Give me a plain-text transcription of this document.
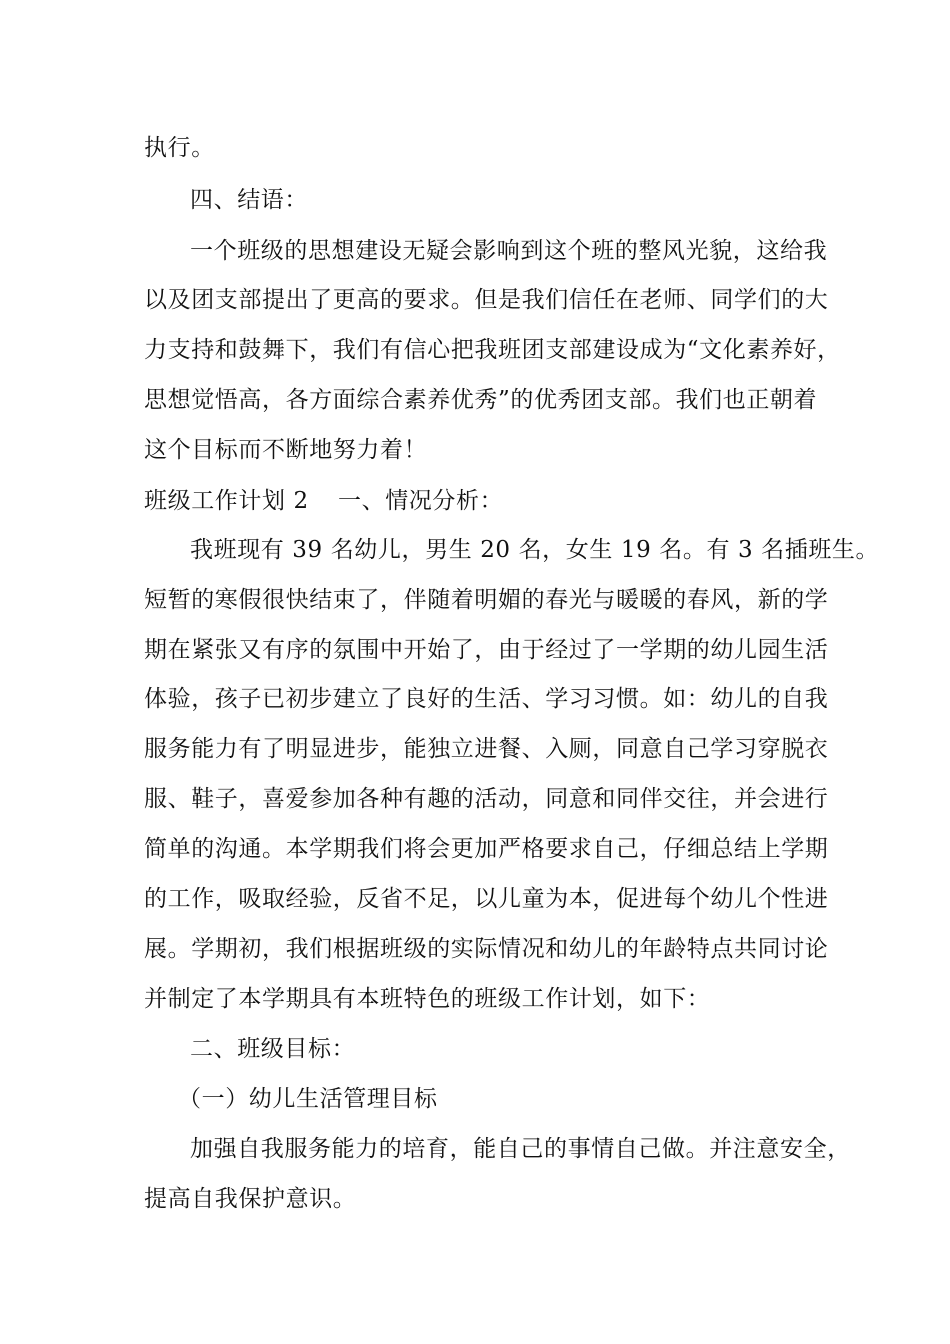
执行。
四、结语：
一个班级的思想建设无疑会影响到这个班的整风光貌，这给我
以及团支部提出了更高的要求。但是我们信任在老师、同学们的大
力支持和鼓舞下，我们有信心把我班团支部建设成为“文化素养好，
思想觉悟高，各方面综合素养优秀”的优秀团支部。我们也正朝着
这个目标而不断地努力着！
班级工作计划 2 一、情况分析：
我班现有 39 名幼儿，男生 20 名，女生 19 名。有 3 名插班生。
短暂的寒假很快结束了，伴随着明媚的春光与暖暖的春风，新的学
期在紧张又有序的氛围中开始了，由于经过了一学期的幼儿园生活
体验，孩子已初步建立了良好的生活、学习习惯。如：幼儿的自我
服务能力有了明显进步，能独立进餐、入厕，同意自己学习穿脱衣
服、鞋子，喜爱参加各种有趣的活动，同意和同伴交往，并会进行
简单的沟通。本学期我们将会更加严格要求自己，仔细总结上学期
的工作，吸取经验，反省不足，以儿童为本，促进每个幼儿个性进
展。学期初，我们根据班级的实际情况和幼儿的年龄特点共同讨论
并制定了本学期具有本班特色的班级工作计划，如下：
二、班级目标：
（一）幼儿生活管理目标
加强自我服务能力的培育，能自己的事情自己做。并注意安全，
提高自我保护意识。
